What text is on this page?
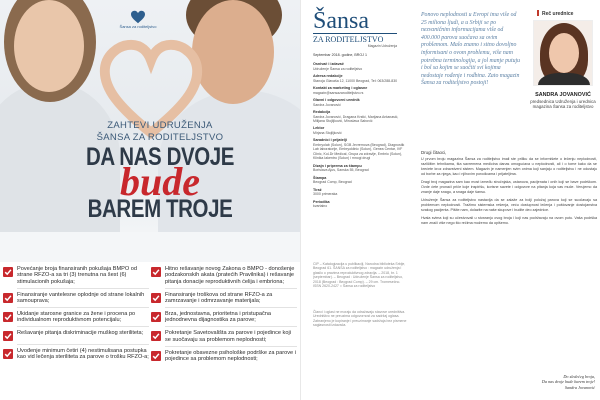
Šansa za roditeljstvo
ZAHTEVI UDRUŽENJA
ŠANSA ZA RODITELJSTVO
DA NAS DVOJE
bude
BAREM TROJE
Povećanje broja finansiranih pokušaja BMPO od strane RFZO-a sa tri (3) trenutna na šest (6) stimulacionih pokušaja;
Finansiranje vantelesne oplodnje od strane lokalnih samouprava;
Ukidanje starosne granice za žene i procena po individualnom reproduktivnom potencijalu;
Rešavanje pitanja diskriminacije muškog steriliteta;
Uvođenje minimum četiri (4) nestimulisana postupka kao vid lečenja steriliteta za parove o trošku RFZO-a;
Hitno rešavanje novog Zakona o BMPO - donošenje podzakonskih akata (pratećih Pravilnika) i rešavanje pitanja donacije reproduktivnih ćelija i embriona;
Finansiranje troškova od strane RFZO-a za zamrzavanje i odmrzavanje materijala;
Brza, jednostavna, prioritetna i pristupačna jednodnevna dijagnostika za parove;
Pokretanje Savetovališta za parove i pojedince koji se suočavaju sa problemom neplodnosti;
Pokretanje obavezne psihološke podrške za parove i pojedince sa problemom neplodnosti;
Šansa
ZA RODITELJSTVO
Magazin Udruženja
Septembar 2018. godine, BROJ 1
Osnivač i izdavač
Udruženje Šansa za roditeljstvo
Adresa redakcije
Stanoja Glavaša 12, 11000 Beograd, Tel: 063/288-830
Kontakt za marketing i oglasne
magazin@sansazaroditeljstvo.rs
Glavni i odgovorni urednik
Sandra Jovanović
Redakcija
Sandra Jovanović, Dragana Krstić, Marijana Antanasić, Milijana Stojiljković, Miroslava Sabović
Lektor
Mirjana Stojiljković
Saradnici i prijatelji
Embryolab (Solun), SGB Jevremova (Beograd), Diagnostik Lab laboratorije, Embryoklinic (Solun), Genea Centar, IVF Clinic, Kol-Dr Medical, Grupa za zdravlje, Embrio (Solun), Klinika Iakentro (Solun) i mnogi drugi
Dizajn i priprema za štampu
Borislava Ajus, Sanska 55, Beograd
Štampa
Beograd Comp, Beograd
Tiraž
3000 primeraka
Periodika
kvartalno
CIP – Katalogizacija u publikaciji, Narodna biblioteka Srbije, Beograd 61. ŠANSA za roditeljstvo : magazin udruženja i glasilo o pravima reproduktivnog zdravlja. – 2018, br. 1 (septembar). – Beograd : Udruženje Šansa za roditeljstvo, 2018 (Beograd : Beograd Comp). – 29 cm. Tromesečno. ISSN 2620-2427 = Šansa za roditeljstvo
Članci i oglasi ne moraju da odražavaju stavove uredništva. Uredništvo ne preuzima odgovornost za sadržaj oglasa. Zabranjeno je kopiranje i preuzimanje sadržaja bez pismene saglasnosti izdavača.
Ponovo neplodnosti u Evropi ima više od 25 miliona ljudi, a u Srbiji se po nezvaničnim informacijama više od 400.000 parova suočava sa ovim problemom. Malo znamo i sitno dovoljno informisani o ovom problemu, više nam potrebna terminologija, a jol manje putuju i bol sa kojim se suočiti svi kojima nedostaje rođenje i rodbina. Zato magazin Šansa za roditeljstvo postoji!
Reč urednice
SANDRA JOVANOVIĆ
predsednica Udruženja i urednica magazina Šansa za roditeljstvo
Drugi čitaoci,
U prvom broju magazina Šansa za roditeljstvo imali ste priliku da se informišete o lečenju neplodnosti, različitim tehnikama, šta savremena medicina danas omogućava u neplodnosti, ali i o tome kako da se krećete kroz zdravstveni sistem. Magazin je namenjen svim onima koji sanjaju o roditeljstvu i ne odustaju od borbe za njega, kao i njihovim porodicama i prijateljima.
Dragi broj magazina sam kao most između stručnjaka, ustanova, pacijenata i onih koji se bave podrškom. Ovde ćete pronaći priče koje inspirišu, korisne savete i odgovore na pitanja koja vas muče. Verujemo da znanje daje snagu, a snaga daje šansu.
Udruženje Šansa za roditeljstvo nastavlja da se zalaže za bolji položaj parova koji se suočavaju sa problemom neplodnosti. Tražimo sistemska rešenja, veću dostupnost lečenja i poštovanje dostojanstva svakog pacijenta. Pišite nam, dolazite na naše skupove i budite deo zajednice.
Hvala svima koji su učestvovali u stvaranju ovog broja i koji nas podržavaju na ovom putu. Vaša podrška nam znači više nego što rečima možemo da opišemo.
Do sledećeg broja,
Da nas dvoje bude barem troje!
Sandra Jovanović
